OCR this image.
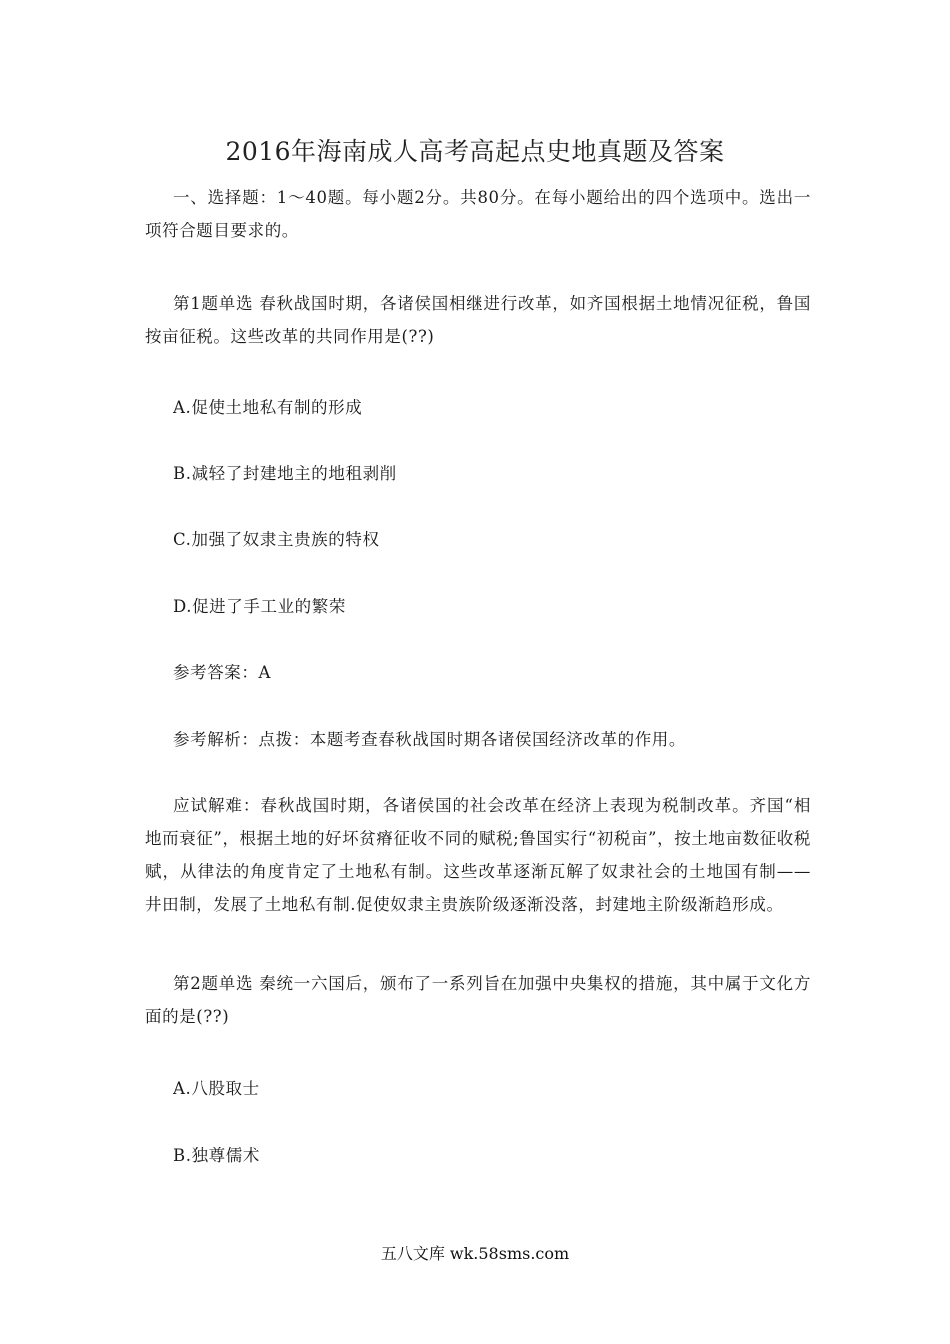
2016年海南成人高考高起点史地真题及答案

一、选择题：1～40题。每小题2分。共80分。在每小题给出的四个选项中。选出一项符合题目要求的。

第1题单选 春秋战国时期，各诸侯国相继进行改革，如齐国根据土地情况征税，鲁国按亩征税。这些改革的共同作用是(??)

A.促使土地私有制的形成

B.减轻了封建地主的地租剥削

C.加强了奴隶主贵族的特权

D.促进了手工业的繁荣

参考答案：A

参考解析：点拨：本题考查春秋战国时期各诸侯国经济改革的作用。

应试解难：春秋战国时期，各诸侯国的社会改革在经济上表现为税制改革。齐国“相地而衰征”，根据土地的好坏贫瘠征收不同的赋税;鲁国实行“初税亩”，按土地亩数征收税赋，从律法的角度肯定了土地私有制。这些改革逐渐瓦解了奴隶社会的土地国有制——井田制，发展了土地私有制.促使奴隶主贵族阶级逐渐没落，封建地主阶级渐趋形成。

第2题单选 秦统一六国后，颁布了一系列旨在加强中央集权的措施，其中属于文化方面的是(??)

A.八股取士

B.独尊儒术

五八文库 wk.58sms.com
